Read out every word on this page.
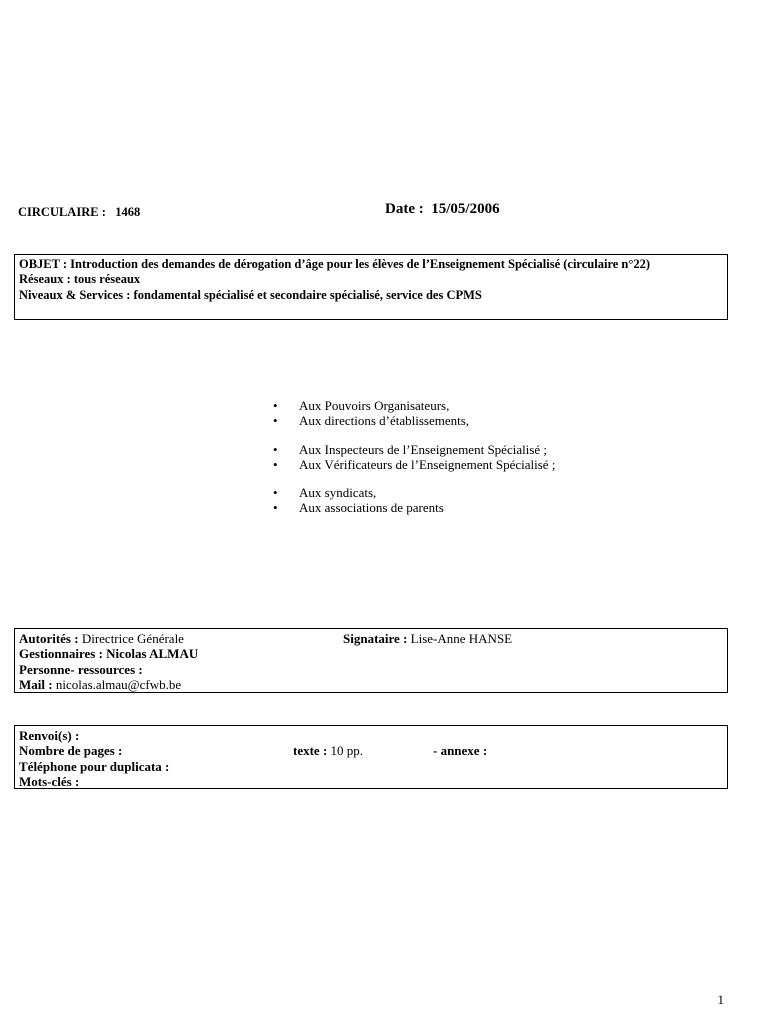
CIRCULAIRE : 1468	Date : 15/05/2006
OBJET : Introduction des demandes de dérogation d’âge pour les élèves de l’Enseignement Spécialisé (circulaire n°22)
Réseaux : tous réseaux
Niveaux & Services : fondamental spécialisé et secondaire spécialisé, service des CPMS
• Aux Pouvoirs Organisateurs,
• Aux directions d’établissements,
• Aux Inspecteurs de l’Enseignement Spécialisé ;
• Aux Vérificateurs de l’Enseignement Spécialisé ;
• Aux syndicats,
• Aux associations de parents
Autorités : Directrice Générale	Signataire : Lise-Anne HANSE
Gestionnaires : Nicolas ALMAU
Personne- ressources :
Mail : nicolas.almau@cfwb.be
Renvoi(s) :
Nombre de pages :	texte : 10 pp.	- annexe :
Téléphone pour duplicata :
Mots-clés :
1
